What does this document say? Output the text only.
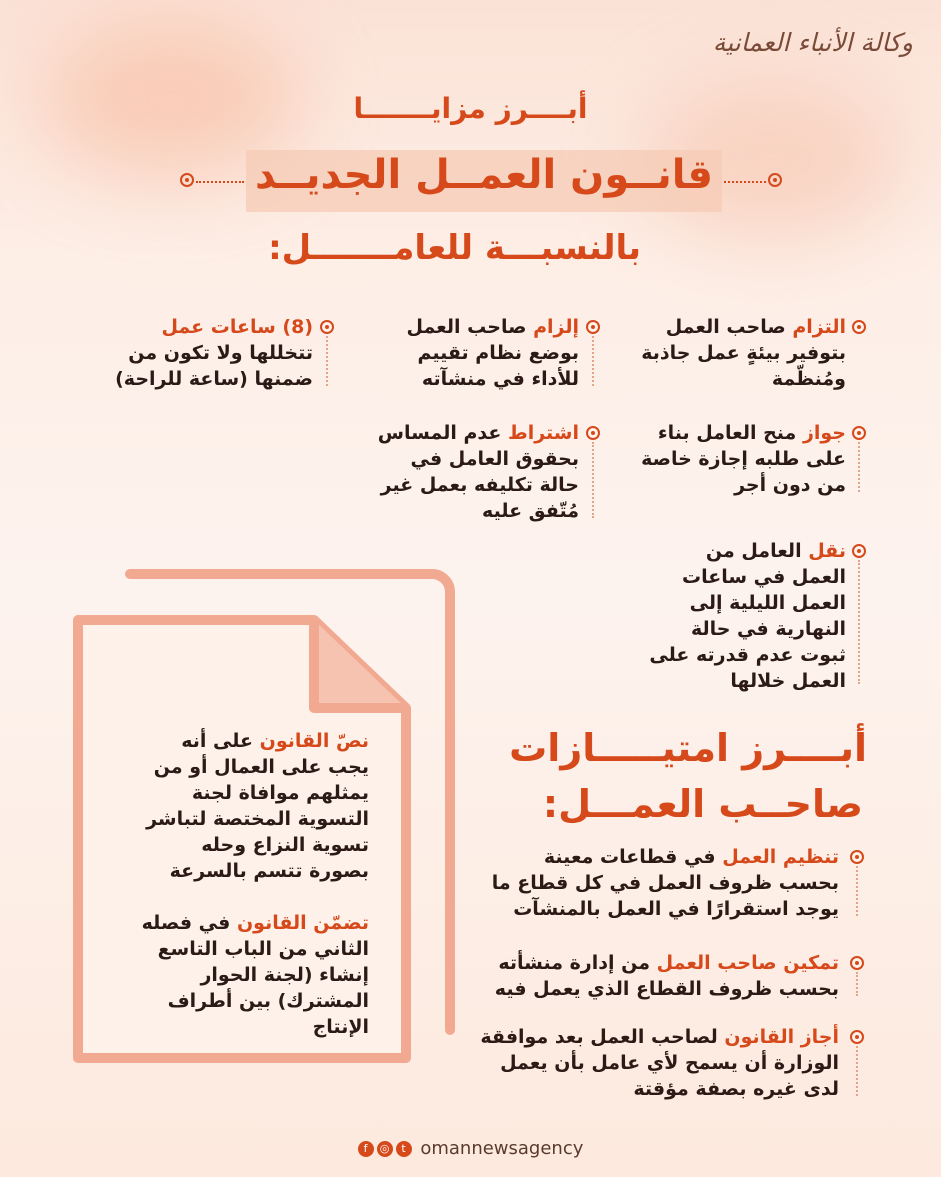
وكالة الأنباء العمانية
أبــــرز مزايـــــــا
قانــون العمــل الجديــد
بالنسبـــة للعامـــــــل:
التزام صاحب العمل بتوفير بيئةٍ عمل جاذبة ومُنظّمة
جواز منح العامل بناء على طلبه إجازة خاصة من دون أجر
نقل العامل من العمل في ساعات العمل الليلية إلى النهارية في حالة ثبوت عدم قدرته على العمل خلالها
إلزام صاحب العمل بوضع نظام تقييم للأداء في منشآته
اشتراط عدم المساس بحقوق العامل في حالة تكليفه بعمل غير مُتّفق عليه
(8) ساعات عمل تتخللها ولا تكون من ضمنها (ساعة للراحة)
نصّ القانون على أنه يجب على العمال أو من يمثلهم موافاة لجنة التسوية المختصة لتباشر تسوية النزاع وحله بصورة تتسم بالسرعة
تضمّن القانون في فصله الثاني من الباب التاسع إنشاء (لجنة الحوار المشترك) بين أطراف الإنتاج
أبــــرز امتيـــــازات
صاحــب العمـــل:
تنظيم العمل في قطاعات معينة بحسب ظروف العمل في كل قطاع ما يوجد استقرارًا في العمل بالمنشآت
تمكين صاحب العمل من إدارة منشأته بحسب ظروف القطاع الذي يعمل فيه
أجاز القانون لصاحب العمل بعد موافقة الوزارة أن يسمح لأي عامل بأن يعمل لدى غيره بصفة مؤقتة
f ◎ t omannewsagency
